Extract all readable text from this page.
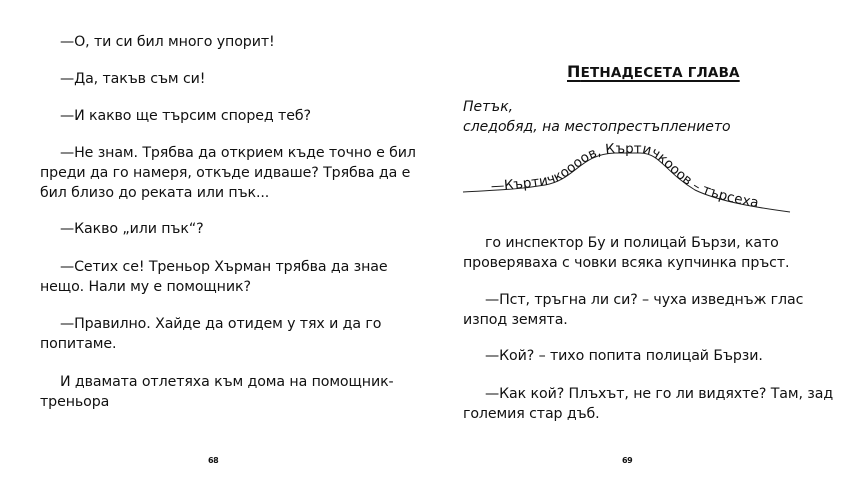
—О, ти си бил много упорит!
—Да, такъв съм си!
—И какво ще търсим според теб?
—Не знам. Трябва да открием къде точно е бил
преди да го намеря, откъде идваше? Трябва да е
бил близо до реката или пък...
—Какво „или пък“?
—Сетих се! Треньор Хърман трябва да знае
нещо. Нали му е помощник?
—Правилно. Хайде да отидем у тях и да го
попитаме.
И двамата отлетяха към дома на помощник-
треньора
68
ПЕТНАДЕСЕТА ГЛАВА
Петък,
следобяд, на местопрестъплението
—Къртичкоооов, Къртичкооов – търсеха
го инспектор Бу и полицай Бързи, като
проверяваха с човки всяка купчинка пръст.
—Пст, тръгна ли си? – чуха изведнъж глас
изпод земята.
—Кой? – тихо попита полицай Бързи.
—Как кой? Плъхът, не го ли видяхте? Там, зад
големия стар дъб.
69
